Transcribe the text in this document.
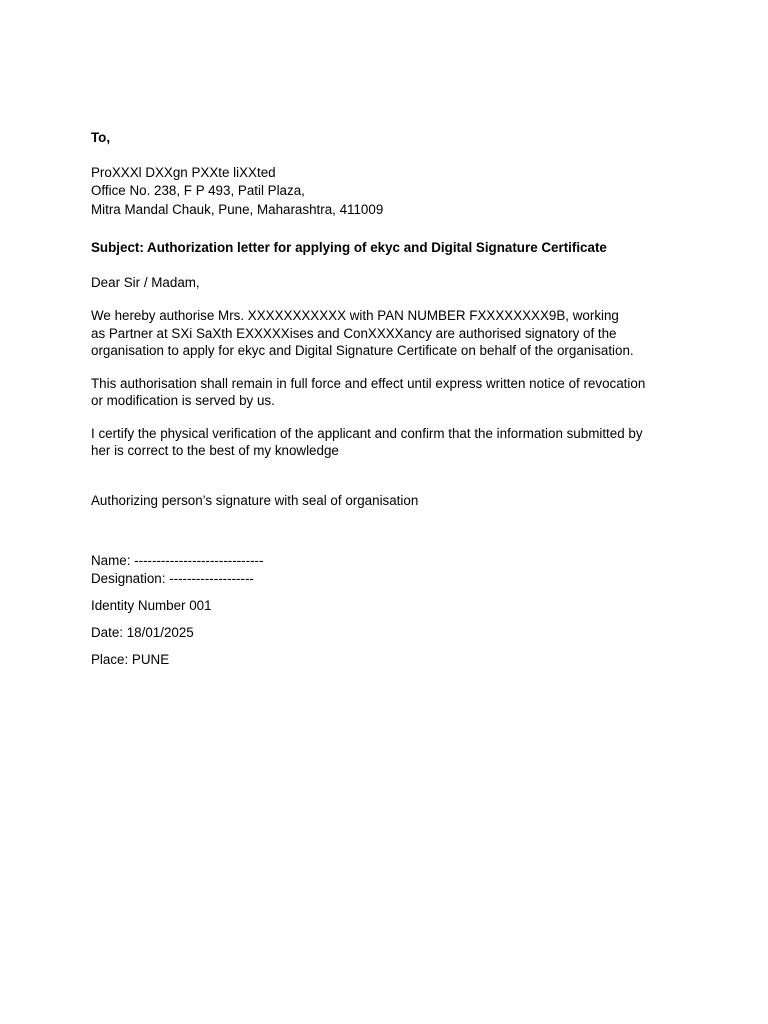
To,
ProXXXl DXXgn PXXte liXXted
Office No. 238, F P 493, Patil Plaza,
Mitra Mandal Chauk, Pune, Maharashtra, 411009
Subject: Authorization letter for applying of ekyc and Digital Signature Certificate
Dear Sir / Madam,
We hereby authorise Mrs. XXXXXXXXXXX with PAN NUMBER FXXXXXXXX9B, working
as Partner at SXi SaXth EXXXXXises and ConXXXXancy are authorised signatory of the
organisation to apply for ekyc and Digital Signature Certificate on behalf of the organisation.
This authorisation shall remain in full force and effect until express written notice of revocation
or modification is served by us.
I certify the physical verification of the applicant and confirm that the information submitted by
her is correct to the best of my knowledge
Authorizing person’s signature with seal of organisation
Name: -----------------------------
Designation: -------------------
Identity Number 001
Date: 18/01/2025
Place: PUNE
